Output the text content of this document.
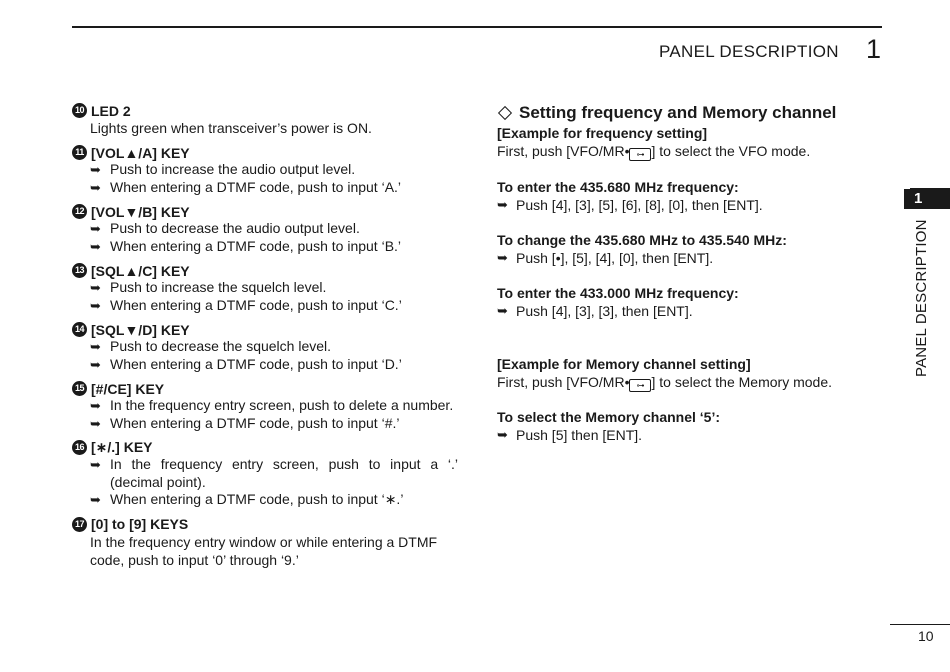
PANEL DESCRIPTION 1
1
PANEL DESCRIPTION
10 LED 2
Lights green when transceiver’s power is ON.
11 [VOL▲/A] KEY
➥ Push to increase the audio output level.
➥ When entering a DTMF code, push to input ‘A.’
12 [VOL▼/B] KEY
➥ Push to decrease the audio output level.
➥ When entering a DTMF code, push to input ‘B.’
13 [SQL▲/C] KEY
➥ Push to increase the squelch level.
➥ When entering a DTMF code, push to input ‘C.’
14 [SQL▼/D] KEY
➥ Push to decrease the squelch level.
➥ When entering a DTMF code, push to input ‘D.’
15 [#/CE] KEY
➥ In the frequency entry screen, push to delete a number.
➥ When entering a DTMF code, push to input ‘#.’
16 [∗/.] KEY
➥ In the frequency entry screen, push to input a ‘.’ (decimal point).
➥ When entering a DTMF code, push to input ‘∗.’
17 [0] to [9] KEYS
In the frequency entry window or while entering a DTMF code, push to input ‘0’ through ‘9.’
Setting frequency and Memory channel
[Example for frequency setting]
First, push [VFO/MR• ⊶ ] to select the VFO mode.
To enter the 435.680 MHz frequency:
➥ Push [4], [3], [5], [6], [8], [0], then [ENT].
To change the 435.680 MHz to 435.540 MHz:
➥ Push [•], [5], [4], [0], then [ENT].
To enter the 433.000 MHz frequency:
➥ Push [4], [3], [3], then [ENT].
[Example for Memory channel setting]
First, push [VFO/MR• ⊶ ] to select the Memory mode.
To select the Memory channel ‘5’:
➥ Push [5] then [ENT].
10
